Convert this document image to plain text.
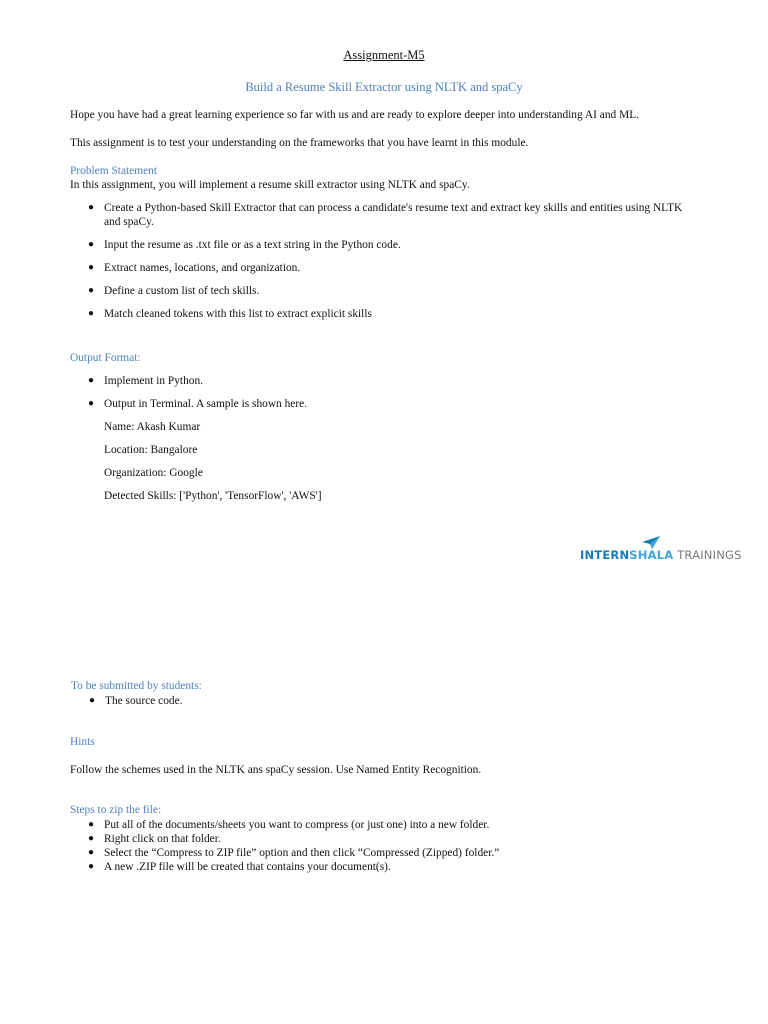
Assignment-M5
Build a Resume Skill Extractor using NLTK and spaCy
Hope you have had a great learning experience so far with us and are ready to explore deeper into understanding AI and ML.
This assignment is to test your understanding on the frameworks that you have learnt in this module.
Problem Statement
In this assignment, you will implement a resume skill extractor using NLTK and spaCy.
● Create a Python-based Skill Extractor that can process a candidate's resume text and extract key skills and entities using NLTK
and spaCy.
● Input the resume as .txt file or as a text string in the Python code.
● Extract names, locations, and organization.
● Define a custom list of tech skills.
● Match cleaned tokens with this list to extract explicit skills
Output Format:
● Implement in Python.
● Output in Terminal. A sample is shown here.
Name: Akash Kumar
Location: Bangalore
Organization: Google
Detected Skills: ['Python', 'TensorFlow', 'AWS']
INTERNSHALA TRAININGS
To be submitted by students:
● The source code.
Hints
Follow the schemes used in the NLTK ans spaCy session. Use Named Entity Recognition.
Steps to zip the file:
● Put all of the documents/sheets you want to compress (or just one) into a new folder.
● Right click on that folder.
● Select the “Compress to ZIP file” option and then click “Compressed (Zipped) folder.”
● A new .ZIP file will be created that contains your document(s).
